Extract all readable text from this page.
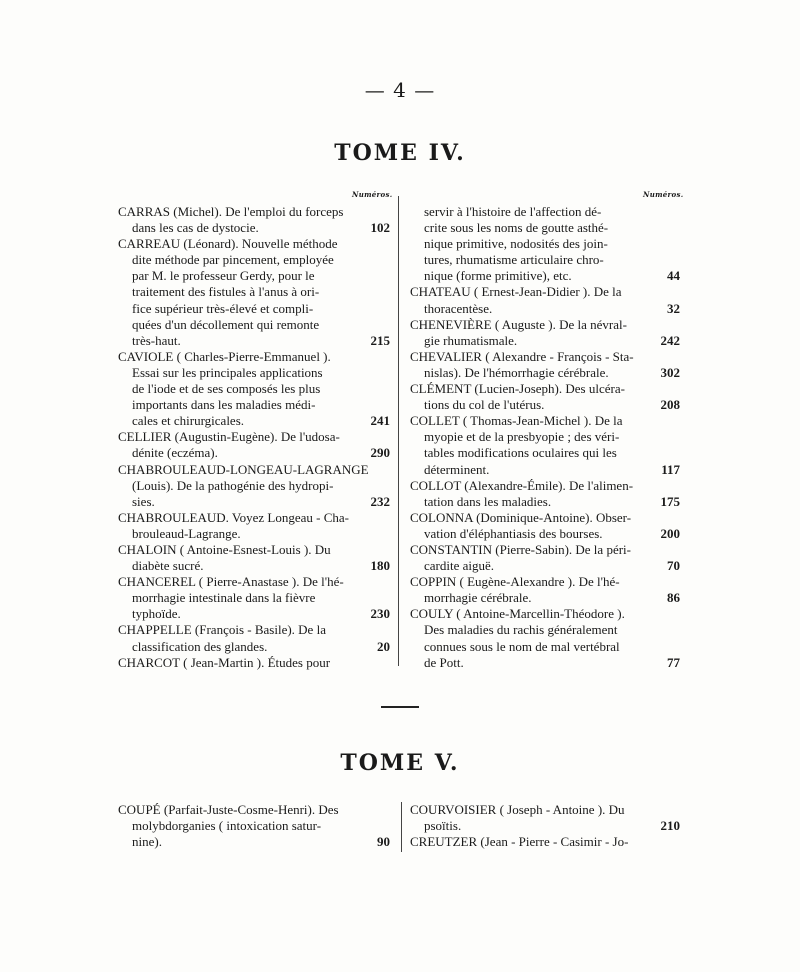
— 4 —
TOME IV.
Numéros.	Numéros.
CARRAS (Michel). De l'emploi du forceps
dans les cas de dystocie.	102
CARREAU (Léonard). Nouvelle méthode
dite méthode par pincement, employée
par M. le professeur Gerdy, pour le
traitement des fistules à l'anus à ori-
fice supérieur très-élevé et compli-
quées d'un décollement qui remonte
très-haut.	215
CAVIOLE ( Charles-Pierre-Emmanuel ).
Essai sur les principales applications
de l'iode et de ses composés les plus
importants dans les maladies médi-
cales et chirurgicales.	241
CELLIER (Augustin-Eugène). De l'udosa-
dénite (eczéma).	290
CHABROULEAUD-LONGEAU-LAGRANGE
(Louis). De la pathogénie des hydropi-
sies.	232
CHABROULEAUD. Voyez Longeau - Cha-
brouleaud-Lagrange.
CHALOIN ( Antoine-Esnest-Louis ). Du
diabète sucré.	180
CHANCEREL ( Pierre-Anastase ). De l'hé-
morrhagie intestinale dans la fièvre
typhoïde.	230
CHAPPELLE (François - Basile). De la
classification des glandes.	20
CHARCOT ( Jean-Martin ). Études pour
servir à l'histoire de l'affection dé-
crite sous les noms de goutte asthé-
nique primitive, nodosités des join-
tures, rhumatisme articulaire chro-
nique (forme primitive), etc.	44
CHATEAU ( Ernest-Jean-Didier ). De la
thoracentèse.	32
CHENEVIÈRE ( Auguste ). De la névral-
gie rhumatismale.	242
CHEVALIER ( Alexandre - François - Sta-
nislas). De l'hémorrhagie cérébrale.	302
CLÉMENT (Lucien-Joseph). Des ulcéra-
tions du col de l'utérus.	208
COLLET ( Thomas-Jean-Michel ). De la
myopie et de la presbyopie ; des véri-
tables modifications oculaires qui les
déterminent.	117
COLLOT (Alexandre-Émile). De l'alimen-
tation dans les maladies.	175
COLONNA (Dominique-Antoine). Obser-
vation d'éléphantiasis des bourses.	200
CONSTANTIN (Pierre-Sabin). De la péri-
cardite aiguë.	70
COPPIN ( Eugène-Alexandre ). De l'hé-
morrhagie cérébrale.	86
COULY ( Antoine-Marcellin-Théodore ).
Des maladies du rachis généralement
connues sous le nom de mal vertébral
de Pott.	77
TOME V.
COUPÉ (Parfait-Juste-Cosme-Henri). Des
molybdorganies ( intoxication satur-
nine).	90
COURVOISIER ( Joseph - Antoine ). Du
psoïtis.	210
CREUTZER (Jean - Pierre - Casimir - Jo-
